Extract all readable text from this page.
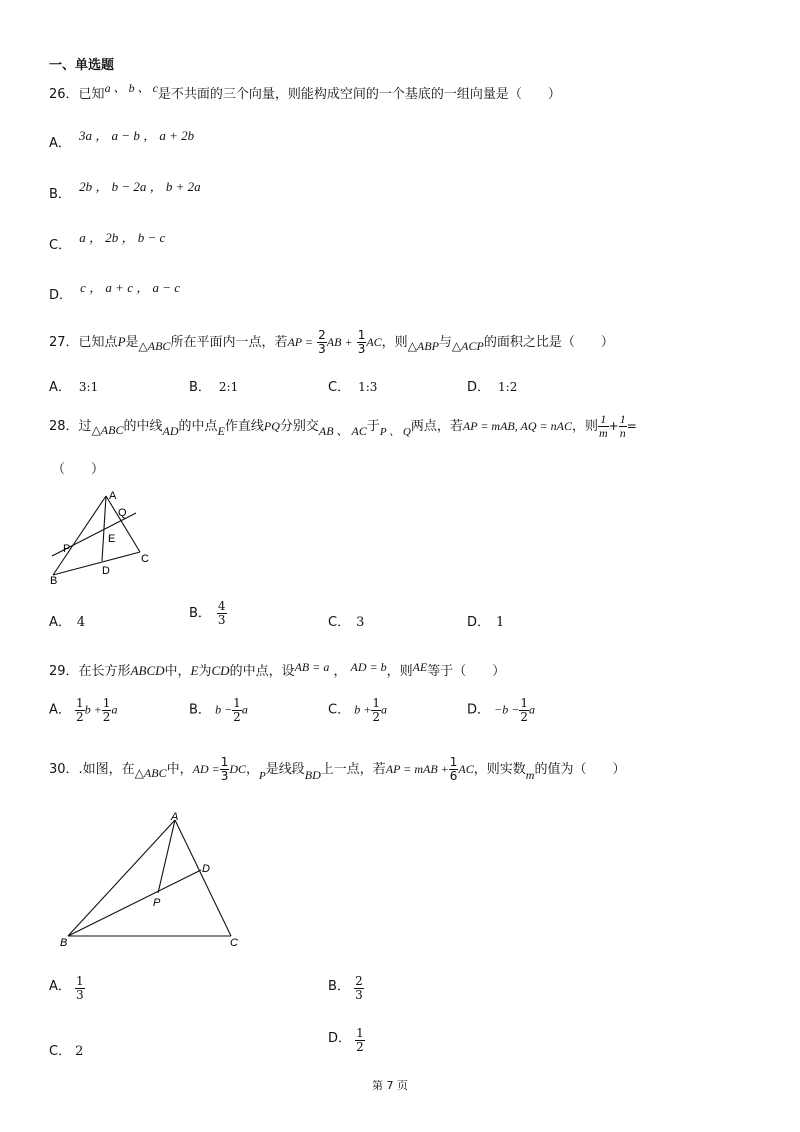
一、单选题
26．已知a 、 b 、 c是不共面的三个向量，则能构成空间的一个基底的一组向量是（　　）
A． 3a ， a − b ， a + 2b
B． 2b ， b − 2a ， b + 2a
C． a ， 2b ， b − c
D． c ， a + c ， a − c
27．已知点P是△ABC所在平面内一点，若AP = $\frac{2}{3}$ AB + $\frac{1}{3}$ AC，则△ABP与△ACP的面积之比是（　　）
A． 3:1	B． 2:1	C． 1:3	D． 1:2
28．过△ABC的中线AD的中点E作直线PQ分别交AB 、 AC于$_{P 、 Q}$两点，若AP = mAB, AQ = nAC，则 $\frac{1}{m} + \frac{1}{n}$ =
（　　）
A
Q
E
P
C
D
B
A． 4
B． $\frac{4}{3}$	C． 3	D． 1
29．在长方形ABCD中，E为CD的中点，设AB = a ， AD = b，则AE等于（　　）
A． $\frac{1}{2}$ $b + \frac{1}{2}$ a	B． $b - \frac{1}{2}$ a	C． $b + \frac{1}{2}$ a	D． $-b - \frac{1}{2}$ a
30．.如图，在△ABC中，AD = $\frac{1}{3}$ DC，$_P$是线段BD上一点，若AP = mAB + $\frac{1}{6}$ AC，则实数m的值为（　　）
A
D
P
B	C
A． $\frac{1}{3}$	B． $\frac{2}{3}$
C． 2
D． $\frac{1}{2}$
第 7 页
